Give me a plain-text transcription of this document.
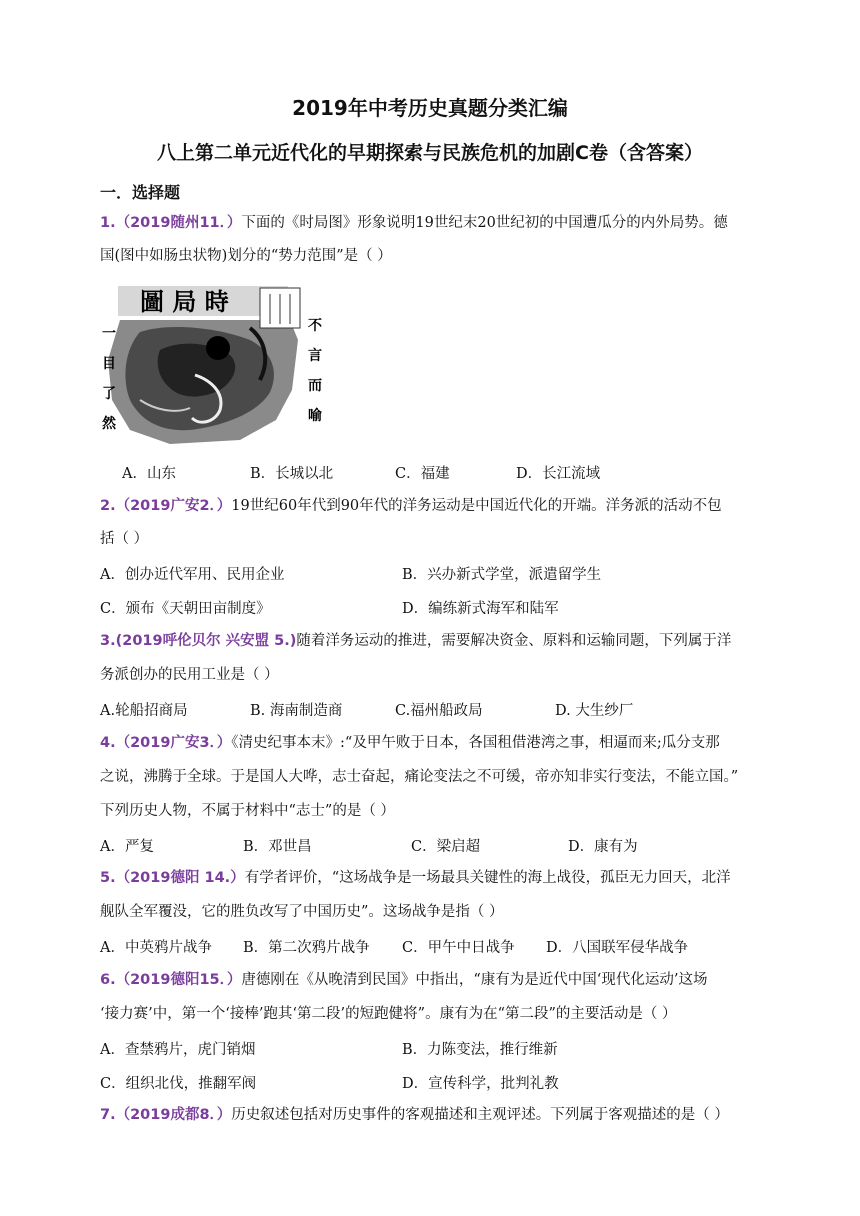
2019年中考历史真题分类汇编
八上第二单元近代化的早期探索与民族危机的加剧C卷（含答案）
一．选择题
1.（2019随州11．）下面的《时局图》形象说明19世纪末20世纪初的中国遭瓜分的内外局势。德
国(图中如肠虫状物)划分的“势力范围”是（ ）
圖 局 時
一
目
了
然
不
言
而
喻
A．山东	B．长城以北	C．福建	D．长江流域
2.（2019广安2．）19世纪60年代到90年代的洋务运动是中国近代化的开端。洋务派的活动不包
括（ ）
A．创办近代军用、民用企业	B．兴办新式学堂，派遣留学生
C．颁布《天朝田亩制度》	D．编练新式海军和陆军
3.(2019呼伦贝尔 兴安盟 5.)随着洋务运动的推进，需要解决资金、原料和运输同题，下列属于洋
务派创办的民用工业是（ ）
A.轮船招商局	B. 海南制造商	C.福州船政局	D. 大生纱厂
4.（2019广安3．）《清史纪事本末》:“及甲午败于日本，各国租借港湾之事，相逼而来;瓜分支那
之说，沸腾于全球。于是国人大哗，志士奋起，痛论变法之不可缓，帝亦知非实行变法，不能立国。”
下列历史人物，不属于材料中“志士”的是（ ）
A．严复	B．邓世昌	C．梁启超	D．康有为
5.（2019德阳 14.）有学者评价，“这场战争是一场最具关键性的海上战役，孤臣无力回天，北洋
舰队全军覆没，它的胜负改写了中国历史”。这场战争是指（ ）
A．中英鸦片战争 B．第二次鸦片战争 C．甲午中日战争 D．八国联军侵华战争
6.（2019德阳15．）唐德刚在《从晚清到民国》中指出，“康有为是近代中国‘现代化运动’这场
‘接力赛’中，第一个‘接棒’跑其‘第二段’的短跑健将”。康有为在“第二段”的主要活动是（ ）
A．查禁鸦片，虎门销烟	B．力陈变法，推行维新
C．组织北伐，推翻军阀	D．宣传科学，批判礼教
7.（2019成都8．）历史叙述包括对历史事件的客观描述和主观评述。下列属于客观描述的是（ ）
